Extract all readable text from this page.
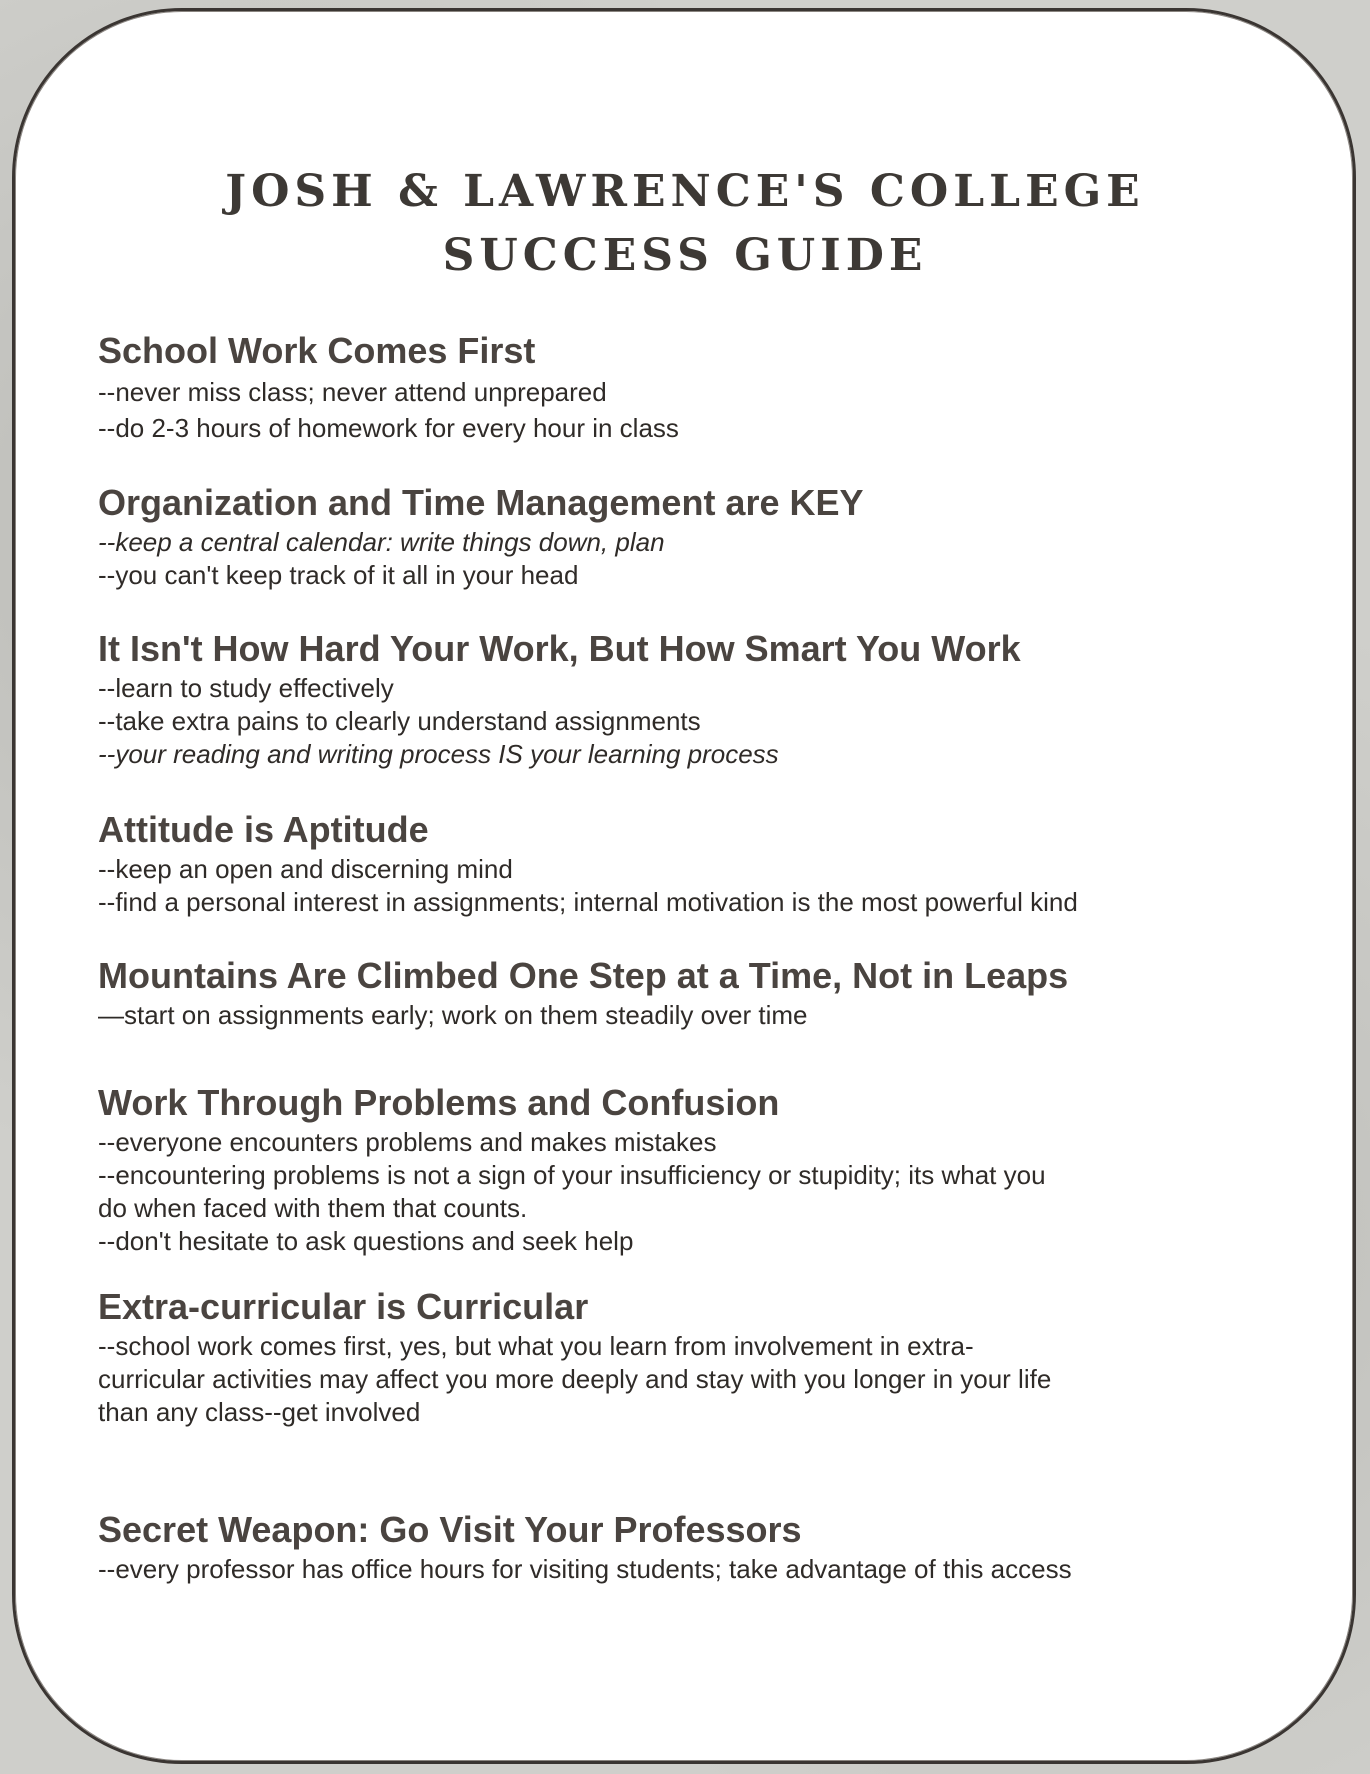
JOSH & LAWRENCE'S COLLEGE
SUCCESS GUIDE

School Work Comes First

--never miss class; never attend unprepared

--do 2-3 hours of homework for every hour in class

Organization and Time Management are KEY

--keep a central calendar: write things down, plan

--you can't keep track of it all in your head

It Isn't How Hard Your Work, But How Smart You Work

--learn to study effectively

--take extra pains to clearly understand assignments

--your reading and writing process IS your learning process

Attitude is Aptitude

--keep an open and discerning mind

--find a personal interest in assignments; internal motivation is the most powerful kind

Mountains Are Climbed One Step at a Time, Not in Leaps

—start on assignments early; work on them steadily over time

Work Through Problems and Confusion

--everyone encounters problems and makes mistakes

--encountering problems is not a sign of your insufficiency or stupidity; its what you

do when faced with them that counts.

--don't hesitate to ask questions and seek help

Extra-curricular is Curricular

--school work comes first, yes, but what you learn from involvement in extra-

curricular activities may affect you more deeply and stay with you longer in your life

than any class--get involved

Secret Weapon: Go Visit Your Professors

--every professor has office hours for visiting students; take advantage of this access
